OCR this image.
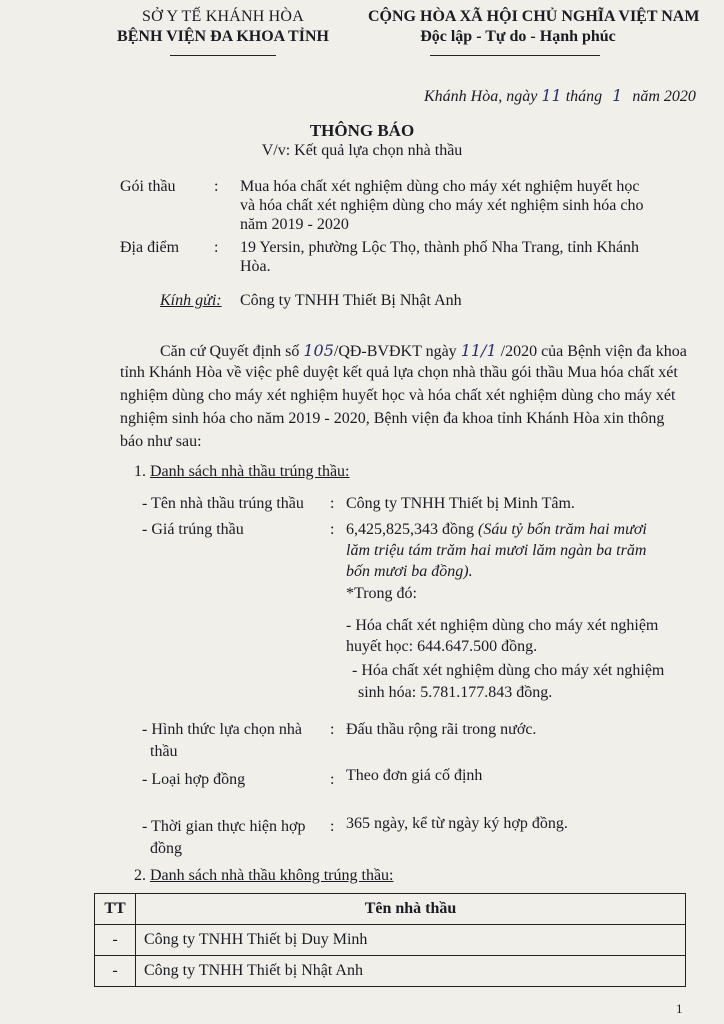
SỞ Y TẾ KHÁNH HÒA
BỆNH VIỆN ĐA KHOA TỈNH
CỘNG HÒA XÃ HỘI CHỦ NGHĨA VIỆT NAM
Độc lập - Tự do - Hạnh phúc
Khánh Hòa, ngày 11 tháng 1 năm 2020
THÔNG BÁO
V/v: Kết quả lựa chọn nhà thầu
Gói thầu : Mua hóa chất xét nghiệm dùng cho máy xét nghiệm huyết học
và hóa chất xét nghiệm dùng cho máy xét nghiệm sinh hóa cho
năm 2019 - 2020
Địa điểm : 19 Yersin, phường Lộc Thọ, thành phố Nha Trang, tỉnh Khánh
Hòa.
Kính gửi: Công ty TNHH Thiết Bị Nhật Anh
Căn cứ Quyết định số 105/QĐ-BVĐKT ngày 11/1 /2020 của Bệnh viện đa khoa
tỉnh Khánh Hòa về việc phê duyệt kết quả lựa chọn nhà thầu gói thầu Mua hóa chất xét
nghiệm dùng cho máy xét nghiệm huyết học và hóa chất xét nghiệm dùng cho máy xét
nghiệm sinh hóa cho năm 2019 - 2020, Bệnh viện đa khoa tỉnh Khánh Hòa xin thông
báo như sau:
1. Danh sách nhà thầu trúng thầu:
- Tên nhà thầu trúng thầu : Công ty TNHH Thiết bị Minh Tâm.
- Giá trúng thầu	: 6,425,825,343 đồng (Sáu tỷ bốn trăm hai mươi
lăm triệu tám trăm hai mươi lăm ngàn ba trăm
bốn mươi ba đồng).
*Trong đó:
- Hóa chất xét nghiệm dùng cho máy xét nghiệm
huyết học: 644.647.500 đồng.
- Hóa chất xét nghiệm dùng cho máy xét nghiệm
sinh hóa: 5.781.177.843 đồng.
- Hình thức lựa chọn nhà
thầu
: Đấu thầu rộng rãi trong nước.
- Loại hợp đồng	: Theo đơn giá cố định
- Thời gian thực hiện hợp
đồng
: 365 ngày, kể từ ngày ký hợp đồng.
2. Danh sách nhà thầu không trúng thầu:
TT	Tên nhà thầu
-	Công ty TNHH Thiết bị Duy Minh
-	Công ty TNHH Thiết bị Nhật Anh
1
